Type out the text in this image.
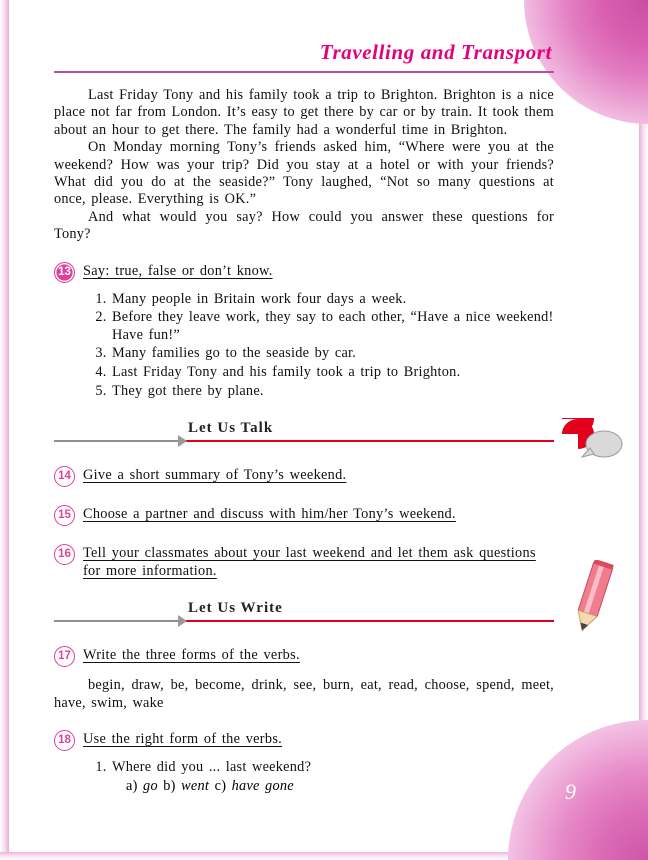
9
Travelling and Transport

Last Friday Tony and his family took a trip to Brighton. Brighton is a nice place not far from London. It’s easy to get there by car or by train. It took them about an hour to get there. The family had a wonderful time in Brighton.

On Monday morning Tony’s friends asked him, “Where were you at the weekend? How was your trip? Did you stay at a hotel or with your friends? What did you do at the seaside?” Tony laughed, “Not so many questions at once, please. Everything is OK.”

And what would you say? How could you answer these questions for Tony?

13 Say: true, false or don’t know.
1. Many people in Britain work four days a week.
2. Before they leave work, they say to each other, “Have a nice weekend! Have fun!”
3. Many families go to the seaside by car.
4. Last Friday Tony and his family took a trip to Brighton.
5. They got there by plane.
Let Us Talk
14 Give a short summary of Tony’s weekend.
15 Choose a partner and discuss with him/her Tony’s weekend.
16 Tell your classmates about your last weekend and let them ask questions for more information.
Let Us Write
17 Write the three forms of the verbs.

begin, draw, be, become, drink, see, burn, eat, read, choose, spend, meet, have, swim, wake

18 Use the right form of the verbs.
1. Where did you ... last weekend?
a) go b) went c) have gone
